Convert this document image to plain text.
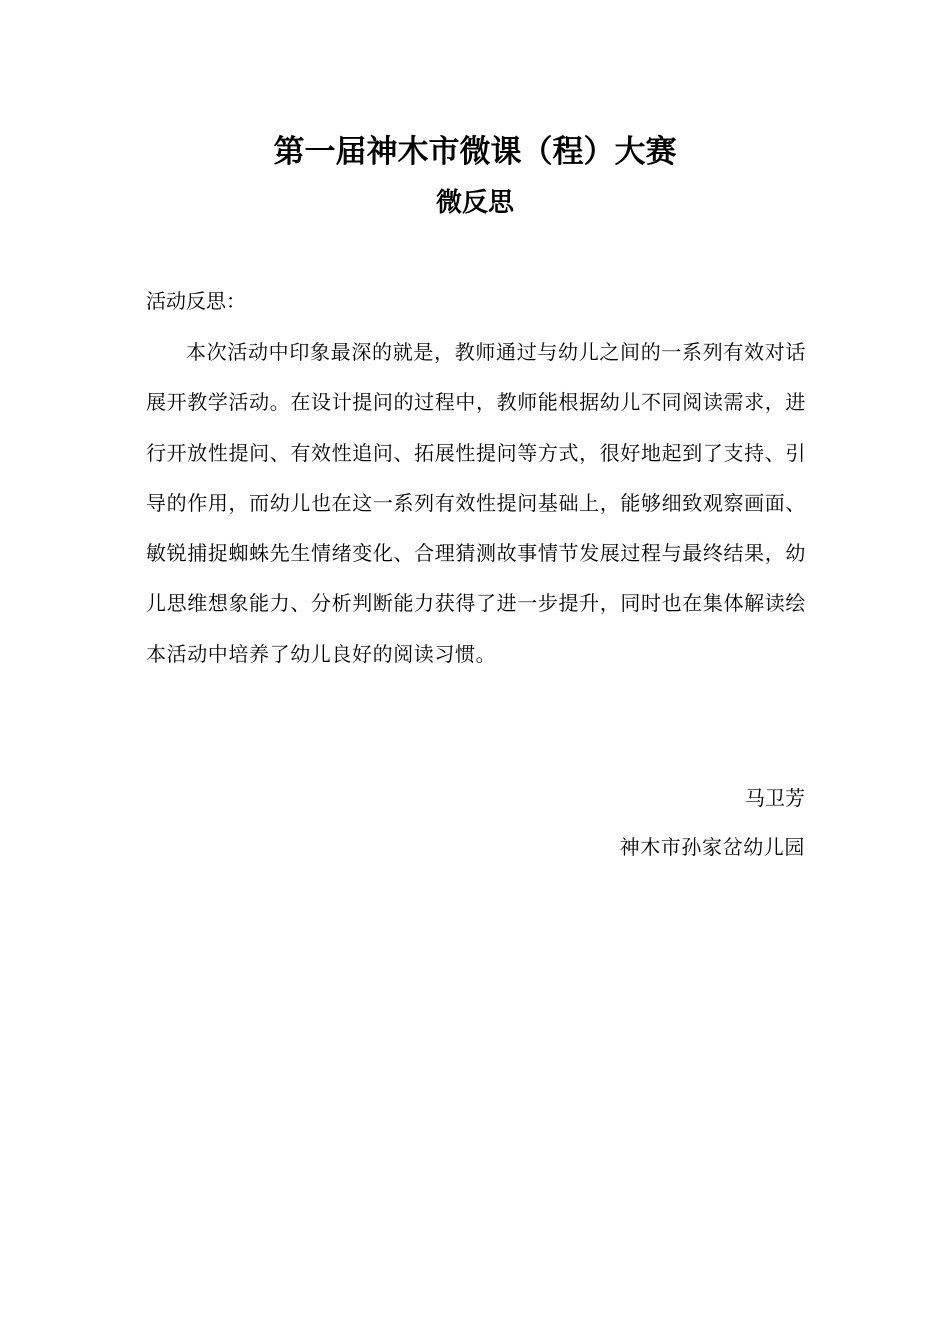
第一届神木市微课（程）大赛
微反思
活动反思：

本次活动中印象最深的就是，教师通过与幼儿之间的一系列有效对话展开教学活动。在设计提问的过程中，教师能根据幼儿不同阅读需求，进行开放性提问、有效性追问、拓展性提问等方式，很好地起到了支持、引导的作用，而幼儿也在这一系列有效性提问基础上，能够细致观察画面、敏锐捕捉蜘蛛先生情绪变化、合理猜测故事情节发展过程与最终结果，幼儿思维想象能力、分析判断能力获得了进一步提升，同时也在集体解读绘本活动中培养了幼儿良好的阅读习惯。

马卫芳
神木市孙家岔幼儿园
